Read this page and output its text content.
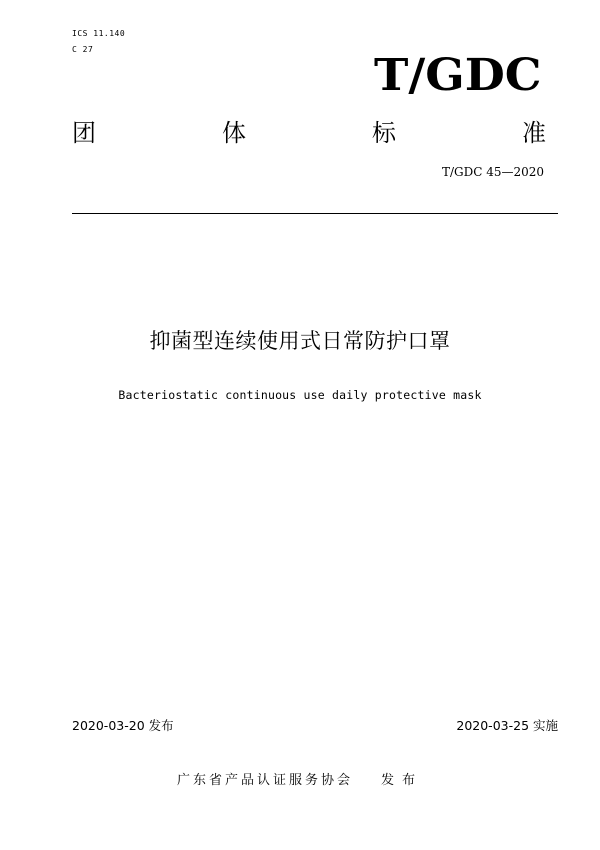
ICS 11.140
C 27
T/GDC
团	体	标	准
T/GDC 45—2020
抑菌型连续使用式日常防护口罩
Bacteriostatic continuous use daily protective mask
2020-03-20 发布	2020-03-25 实施
广东省产品认证服务协会 发布
